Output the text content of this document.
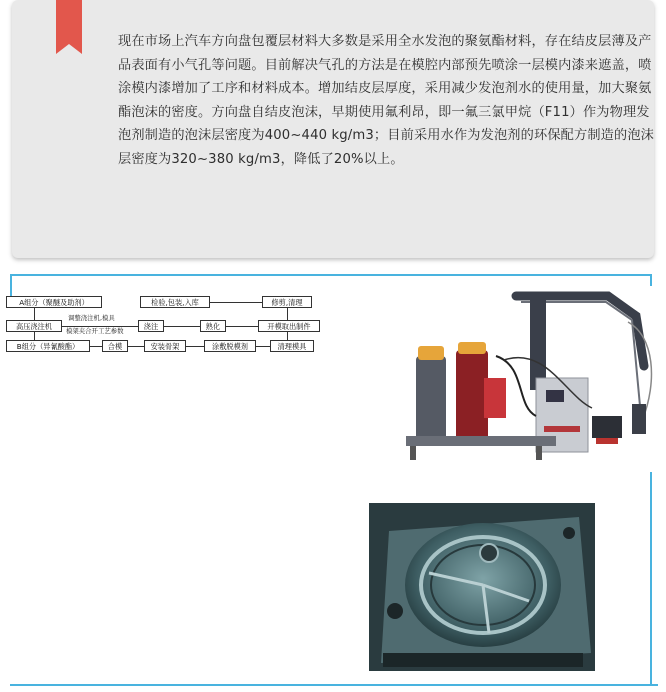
现在市场上汽车方向盘包覆层材料大多数是采用全水发泡的聚氨酯材料，存在结皮层薄及产品表面有小气孔等问题。目前解决气孔的方法是在模腔内部预先喷涂一层模内漆来遮盖，喷涂模内漆增加了工序和材料成本。增加结皮层厚度，采用减少发泡剂水的使用量，加大聚氨酯泡沫的密度。方向盘自结皮泡沫，早期使用氟利昂，即一氟三氯甲烷（F11）作为物理发泡剂制造的泡沫层密度为400~440 kg/m3；目前采用水作为发泡剂的环保配方制造的泡沫层密度为320~380 kg/m3，降低了20%以上。

A组分（聚醚及助剂）
高压浇注机
B组分（异氰酸酯）
调整浇注机,模具
模架夹合开工艺参数
检验,包装,入库	修剪,清理
浇注	熟化	开模取出制件
合模	安装骨架	涂敷脱模剂	清理模具
